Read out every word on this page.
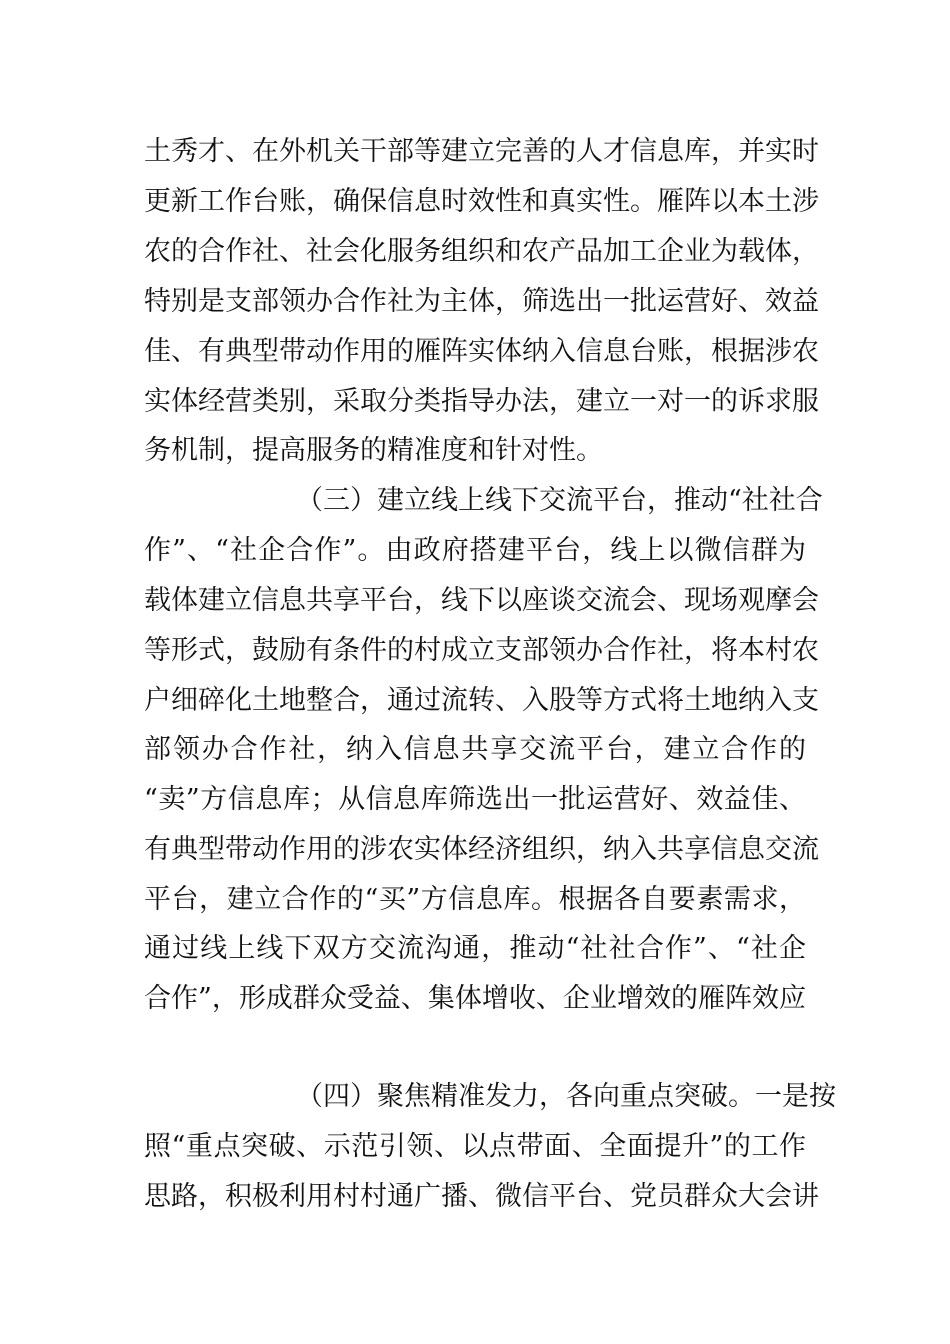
土秀才、在外机关干部等建立完善的人才信息库，并实时
更新工作台账，确保信息时效性和真实性。雁阵以本土涉
农的合作社、社会化服务组织和农产品加工企业为载体，
特别是支部领办合作社为主体，筛选出一批运营好、效益
佳、有典型带动作用的雁阵实体纳入信息台账，根据涉农
实体经营类别，采取分类指导办法，建立一对一的诉求服
务机制，提高服务的精准度和针对性。
（三）建立线上线下交流平台，推动“社社合
作”、“社企合作”。由政府搭建平台，线上以微信群为
载体建立信息共享平台，线下以座谈交流会、现场观摩会
等形式，鼓励有条件的村成立支部领办合作社，将本村农
户细碎化土地整合，通过流转、入股等方式将土地纳入支
部领办合作社，纳入信息共享交流平台，建立合作的
“卖”方信息库；从信息库筛选出一批运营好、效益佳、
有典型带动作用的涉农实体经济组织，纳入共享信息交流
平台，建立合作的“买”方信息库。根据各自要素需求，
通过线上线下双方交流沟通，推动“社社合作”、“社企
合作”，形成群众受益、集体增收、企业增效的雁阵效应
（四）聚焦精准发力，各向重点突破。一是按
照“重点突破、示范引领、以点带面、全面提升”的工作
思路，积极利用村村通广播、微信平台、党员群众大会讲
